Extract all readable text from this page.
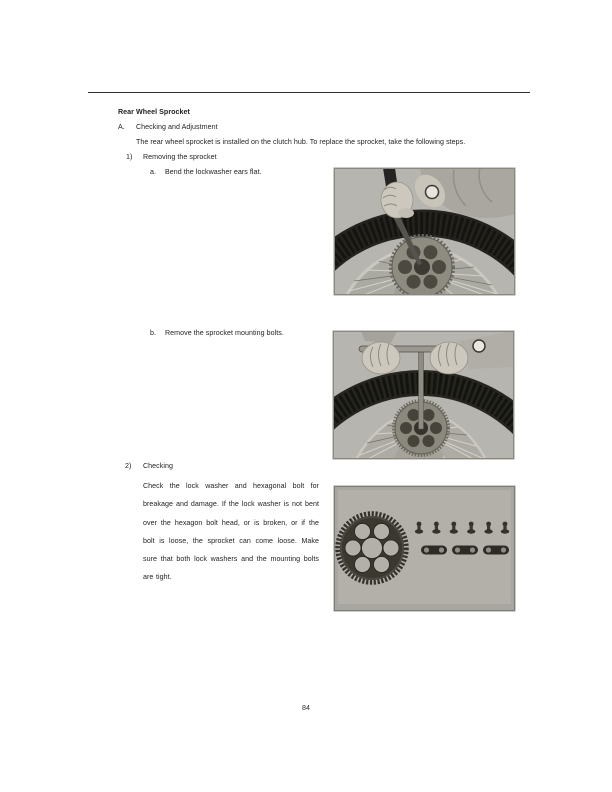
Rear Wheel Sprocket
A. Checking and Adjustment
The rear wheel sprocket is installed on the clutch hub. To replace the sprocket, take the following steps.
1) Removing the sprocket
a. Bend the lockwasher ears flat.
b. Remove the sprocket mounting bolts.
2) Checking
Check the lock washer and hexagonal bolt for breakage and damage. If the lock washer is not bent over the hexagon bolt head, or is broken, or if the bolt is loose, the sprocket can come loose. Make sure that both lock washers and the mounting bolts are tight.
84
